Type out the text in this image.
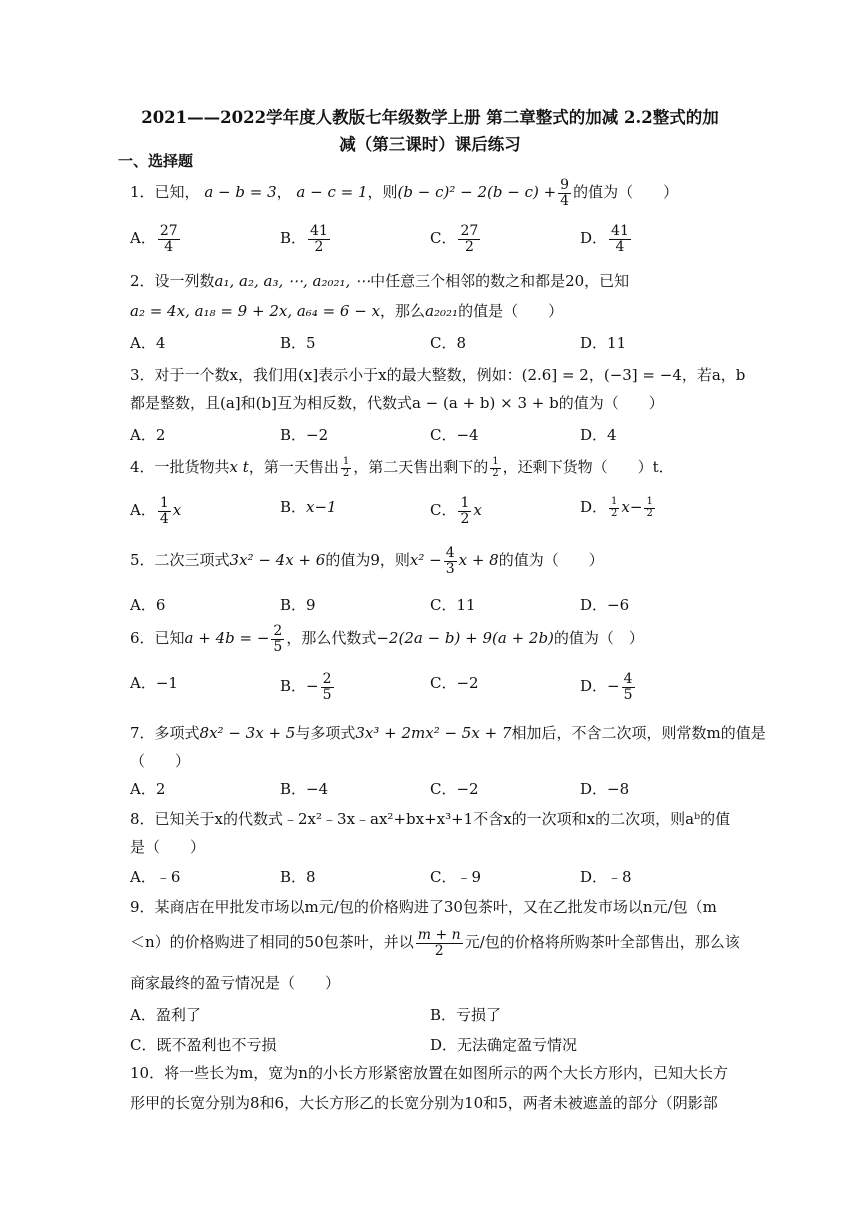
2021——2022学年度人教版七年级数学上册 第二章整式的加减 2.2整式的加
减（第三课时）课后练习
一、选择题
1．已知， a − b = 3， a − c = 1，则$(b - c)^2 - 2(b - c) + \frac{9}{4}$ 的值为（　　）
A． $\frac{27}{4}$	B． $\frac{41}{2}$	C． $\frac{27}{2}$	D． $\frac{41}{4}$
2．设一列数a₁, a₂, a₃, ⋯, a₂₀₂₁, ⋯中任意三个相邻的数之和都是20，已知
a₂ = 4x, a₁₈ = 9 + 2x, a₆₄ = 6 − x，那么a₂₀₂₁的值是（　　）
A．4	B．5	C．8	D．11
3．对于一个数x，我们用(x]表示小于x的最大整数，例如：(2.6] = 2，(−3] = −4，若a，b
都是整数，且(a]和(b]互为相反数，代数式a − (a + b) × 3 + b的值为（　　）
A．2	B．−2	C．−4	D．4
4．一批货物共x t，第一天售出 $\frac{1}{2}$ ，第二天售出剩下的 $\frac{1}{2}$ ，还剩下货物（　　）t．
A． $\frac{1}{4}$ x	B．x−1	C． $\frac{1}{2}$ x	D． $\frac{1}{2} x- \frac{1}{2}$
5．二次三项式3x² − 4x + 6的值为9，则$x^2 - \frac{4}{3}$ x + 8的值为（　　）
A．6	B．9	C．11	D．−6
6．已知a + 4b = − $\frac{2}{5}$ ，那么代数式−2(2a − b) + 9(a + 2b)的值为（　）
A．−1	B．− $\frac{2}{5}$	C．−2	D．− $\frac{4}{5}$
7．多项式8x² − 3x + 5与多项式3x³ + 2mx² − 5x + 7相加后，不含二次项，则常数m的值是
（　　）
A．2	B．−4	C．−2	D．−8
8．已知关于x的代数式﹣2x²﹣3x﹣ax²+bx+x³+1不含x的一次项和x的二次项，则aᵇ的值
是（　　）
A．﹣6	B．8	C．﹣9	D．﹣8
9．某商店在甲批发市场以m元/包的价格购进了30包茶叶，又在乙批发市场以n元/包（m
＜n）的价格购进了相同的50包茶叶，并以 $\frac{m + n}{2}$ 元/包的价格将所购茶叶全部售出，那么该
商家最终的盈亏情况是（　　）
A．盈利了	B．亏损了
C．既不盈利也不亏损	D．无法确定盈亏情况
10．将一些长为m，宽为n的小长方形紧密放置在如图所示的两个大长方形内，已知大长方
形甲的长宽分别为8和6，大长方形乙的长宽分别为10和5，两者未被遮盖的部分（阴影部
